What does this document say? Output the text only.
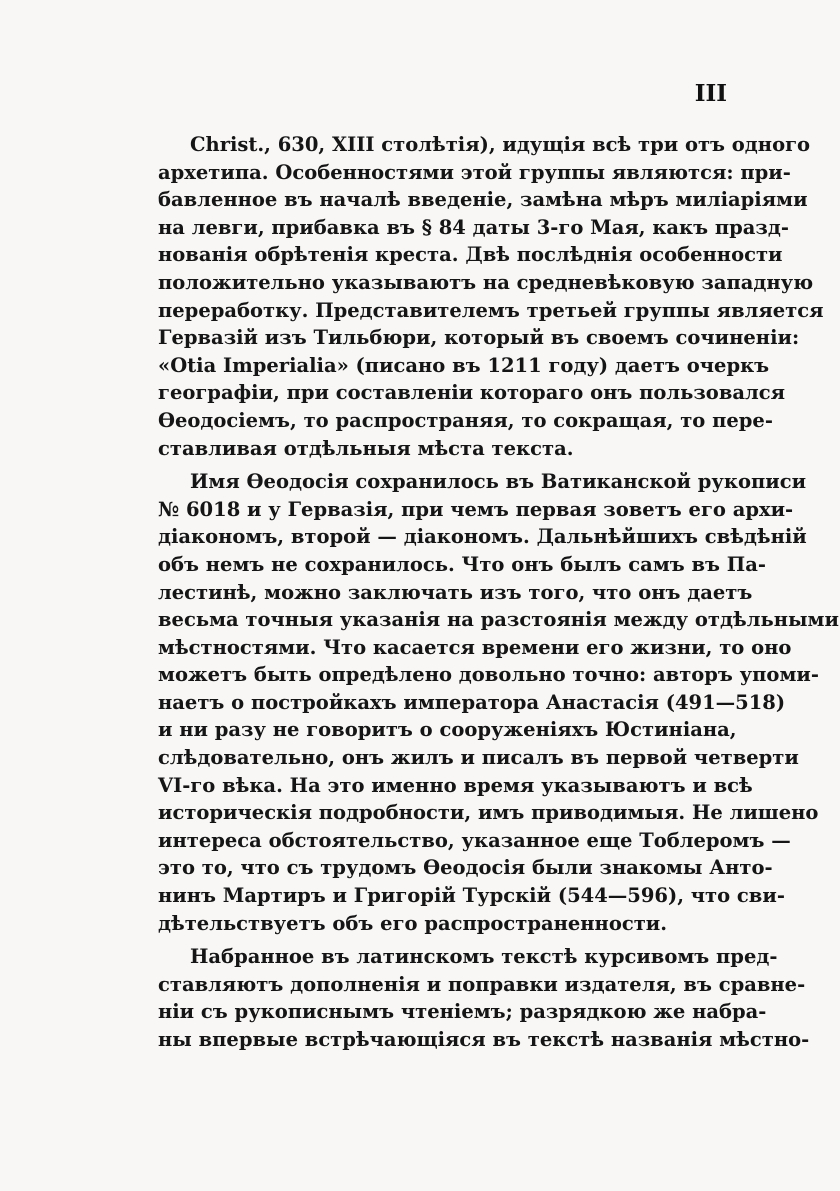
III
Christ., 630, XIII столѣтія), идущія всѣ три отъ одного
архетипа. Особенностями этой группы являются: при-
бавленное въ началѣ введеніе, замѣна мѣръ миліаріями
на левги, прибавка въ § 84 даты 3-го Мая, какъ празд-
нованія обрѣтенія креста. Двѣ послѣднія особенности
положительно указываютъ на средневѣковую западную
переработку. Представителемъ третьей группы является
Гервазій изъ Тильбюри, который въ своемъ сочиненіи:
«Otia Imperialia» (писано въ 1211 году) даетъ очеркъ
географіи, при составленіи котораго онъ пользовался
Ѳеодосіемъ, то распространяя, то сокращая, то пере-
ставливая отдѣльныя мѣста текста.
Имя Ѳеодосія сохранилось въ Ватиканской рукописи
№ 6018 и у Гервазія, при чемъ первая зоветъ его архи-
діакономъ, второй — діакономъ. Дальнѣйшихъ свѣдѣній
объ немъ не сохранилось. Что онъ былъ самъ въ Па-
лестинѣ, можно заключать изъ того, что онъ даетъ
весьма точныя указанія на разстоянія между отдѣльными
мѣстностями. Что касается времени его жизни, то оно
можетъ быть опредѣлено довольно точно: авторъ упоми-
наетъ о постройкахъ императора Анастасія (491—518)
и ни разу не говоритъ о сооруженіяхъ Юстиніана,
слѣдовательно, онъ жилъ и писалъ въ первой четверти
VI-го вѣка. На это именно время указываютъ и всѣ
историческія подробности, имъ приводимыя. Не лишено
интереса обстоятельство, указанное еще Тоблеромъ —
это то, что съ трудомъ Ѳеодосія были знакомы Анто-
нинъ Мартиръ и Григорій Турскій (544—596), что сви-
дѣтельствуетъ объ его распространенности.
Набранное въ латинскомъ текстѣ курсивомъ пред-
ставляютъ дополненія и поправки издателя, въ сравне-
ніи съ рукописнымъ чтеніемъ; разрядкою же набра-
ны впервые встрѣчающіяся въ текстѣ названія мѣстно-
